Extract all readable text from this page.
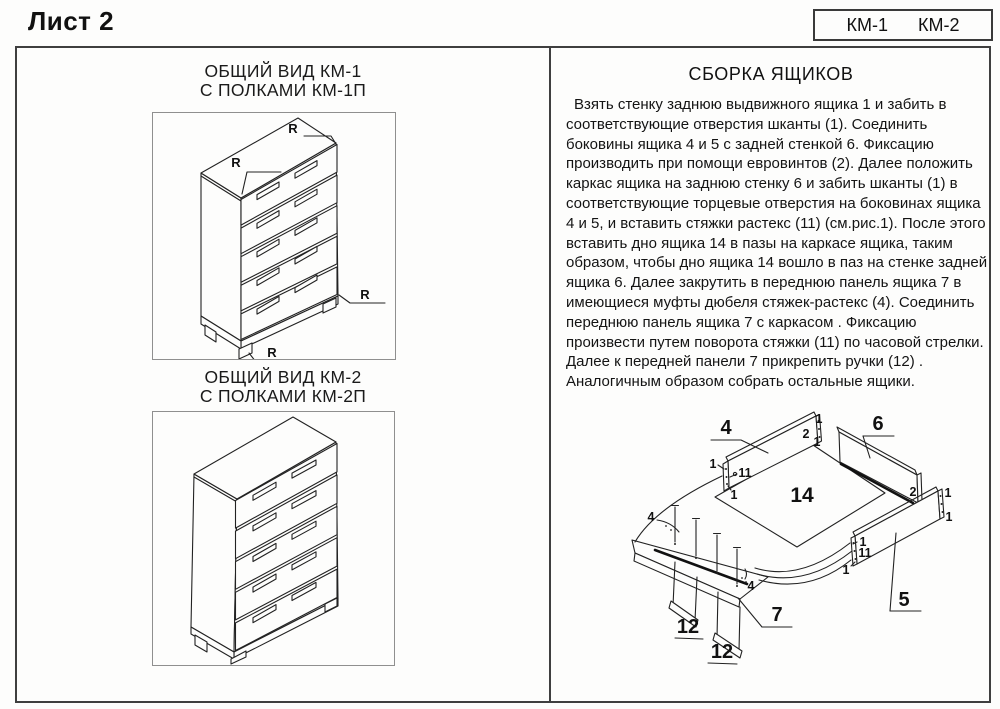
Лист 2	КМ-1 КМ-2
ОБЩИЙ ВИД КМ-1
С ПОЛКАМИ КМ-1П
R
R
R
R
ОБЩИЙ ВИД КМ-2
С ПОЛКАМИ КМ-2П
СБОРКА ЯЩИКОВ
Взять стенку заднюю выдвижного ящика 1 и забить в соответствующие отверстия шканты (1). Соединить боковины ящика 4 и 5 с задней стенкой 6. Фиксацию производить при помощи евровинтов (2). Далее положить каркас ящика на заднюю стенку 6 и забить шканты (1) в соответствующие торцевые отверстия на боковинах ящика 4 и 5, и вставить стяжки растекс (11) (см.рис.1). После этого вставить дно ящика 14 в пазы на каркасе ящика, таким образом, чтобы дно ящика 14 вошло в паз на стенке задней ящика 6. Далее закрутить в переднюю панель ящика 7 в имеющиеся муфты дюбеля стяжек-растекс (4). Соединить переднюю панель ящика 7 с каркасом . Фиксацию произвести путем поворота стяжки (11) по часовой стрелки. Далее к передней панели 7 прикрепить ручки (12) . Аналогичным образом собрать остальные ящики.
4	6
14
5
7
12
12
1
11
1
1
2
1
2 1
1
1
11
1
4
4
